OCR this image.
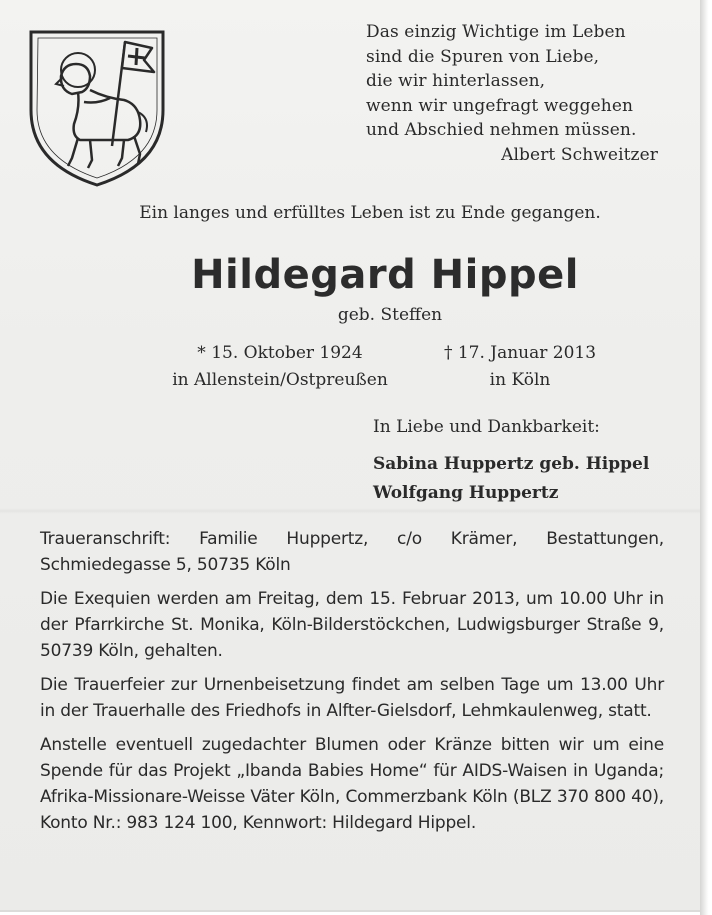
Das einzig Wichtige im Leben
sind die Spuren von Liebe,
die wir hinterlassen,
wenn wir ungefragt weggehen
und Abschied nehmen müssen.
Albert Schweitzer
Ein langes und erfülltes Leben ist zu Ende gegangen.
Hildegard Hippel
geb. Steffen
* 15. Oktober 1924
in Allenstein/Ostpreußen
† 17. Januar 2013
in Köln
In Liebe und Dankbarkeit:
Sabina Huppertz geb. Hippel
Wolfgang Huppertz

Traueranschrift: Familie Huppertz, c/o Krämer, Bestattungen, Schmiedegasse 5, 50735 Köln

Die Exequien werden am Freitag, dem 15. Februar 2013, um 10.00 Uhr in der Pfarrkirche St. Monika, Köln-Bilderstöckchen, Ludwigsburger Straße 9, 50739 Köln, gehalten.

Die Trauerfeier zur Urnenbeisetzung findet am selben Tage um 13.00 Uhr in der Trauerhalle des Friedhofs in Alfter-Gielsdorf, Lehmkaulenweg, statt.

Anstelle eventuell zugedachter Blumen oder Kränze bitten wir um eine Spende für das Projekt „Ibanda Babies Home“ für AIDS-Waisen in Uganda; Afrika-Missionare-Weisse Väter Köln, Commerzbank Köln (BLZ 370 800 40), Konto Nr.: 983 124 100, Kennwort: Hildegard Hippel.
